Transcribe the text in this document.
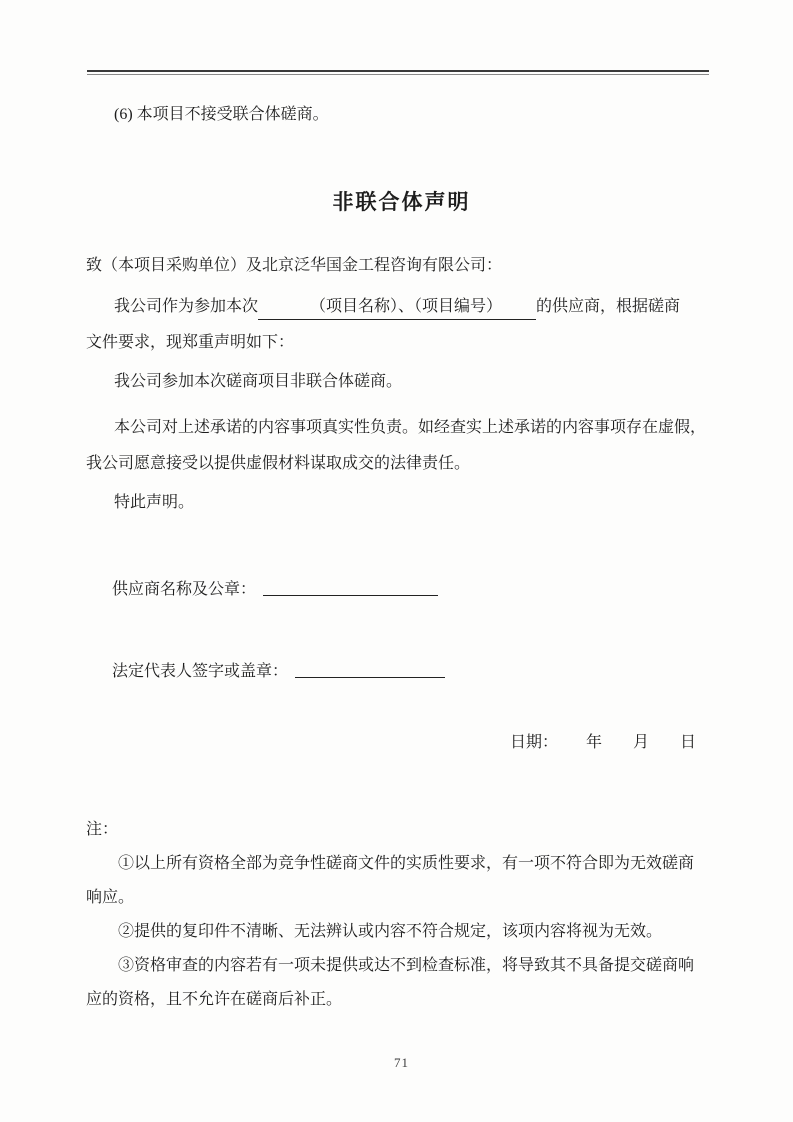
(6) 本项目不接受联合体磋商。
非联合体声明
致（本项目采购单位）及北京泛华国金工程咨询有限公司：
我公司作为参加本次	（项目名称）、（项目编号） 的供应商，根据磋商
文件要求，现郑重声明如下：
我公司参加本次磋商项目非联合体磋商。
本公司对上述承诺的内容事项真实性负责。如经查实上述承诺的内容事项存在虚假，
我公司愿意接受以提供虚假材料谋取成交的法律责任。
特此声明。
供应商名称及公章：
法定代表人签字或盖章：
日期： 年 月 日
注：
①以上所有资格全部为竞争性磋商文件的实质性要求，有一项不符合即为无效磋商
响应。
②提供的复印件不清晰、无法辨认或内容不符合规定，该项内容将视为无效。
③资格审查的内容若有一项未提供或达不到检查标准，将导致其不具备提交磋商响
应的资格，且不允许在磋商后补正。
71
